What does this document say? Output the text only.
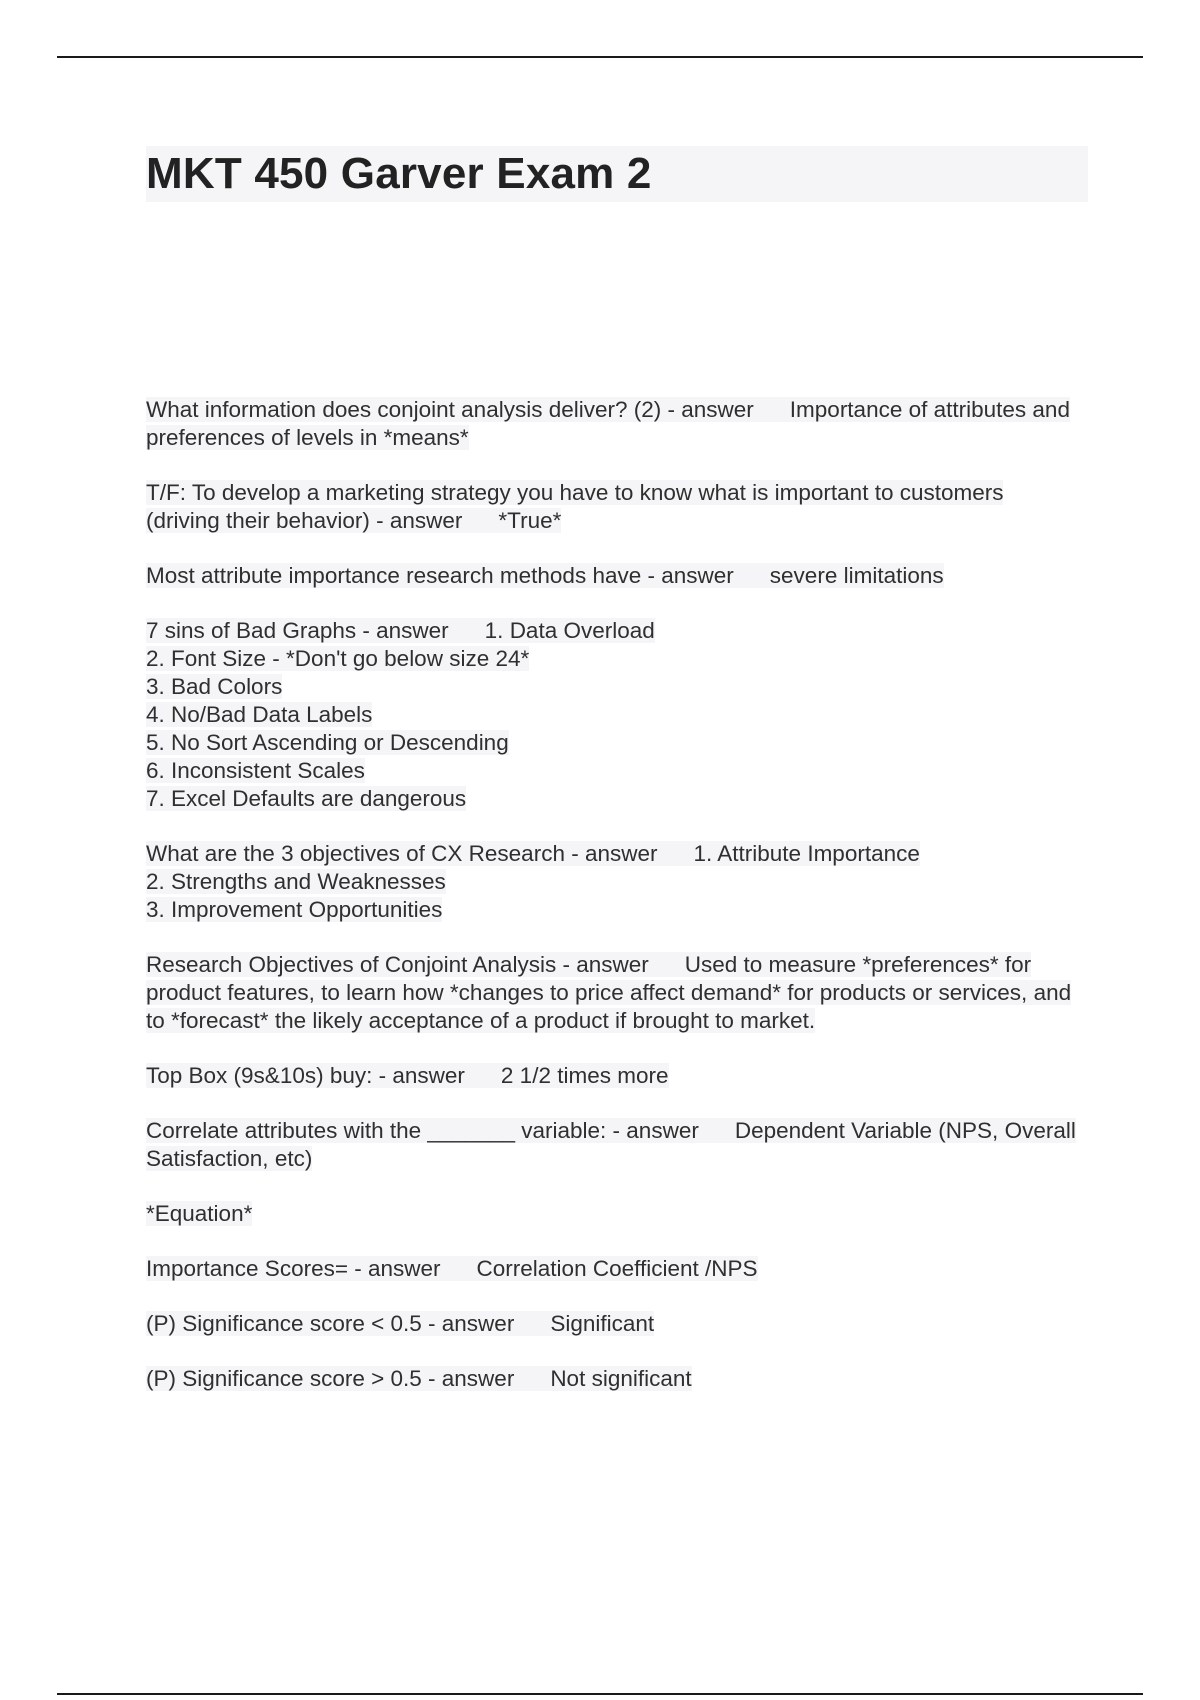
MKT 450 Garver Exam 2

What information does conjoint analysis deliver? (2) - answer Importance of attributes and preferences of levels in *means*

T/F: To develop a marketing strategy you have to know what is important to customers (driving their behavior) - answer *True*

Most attribute importance research methods have - answer severe limitations

7 sins of Bad Graphs - answer 1. Data Overload
2. Font Size - *Don't go below size 24*
3. Bad Colors
4. No/Bad Data Labels
5. No Sort Ascending or Descending
6. Inconsistent Scales
7. Excel Defaults are dangerous

What are the 3 objectives of CX Research - answer 1. Attribute Importance
2. Strengths and Weaknesses
3. Improvement Opportunities

Research Objectives of Conjoint Analysis - answer Used to measure *preferences* for product features, to learn how *changes to price affect demand* for products or services, and to *forecast* the likely acceptance of a product if brought to market.

Top Box (9s&10s) buy: - answer 2 1/2 times more

Correlate attributes with the _______ variable: - answer Dependent Variable (NPS, Overall Satisfaction, etc)

*Equation*

Importance Scores= - answer Correlation Coefficient /NPS

(P) Significance score < 0.5 - answer Significant

(P) Significance score > 0.5 - answer Not significant
